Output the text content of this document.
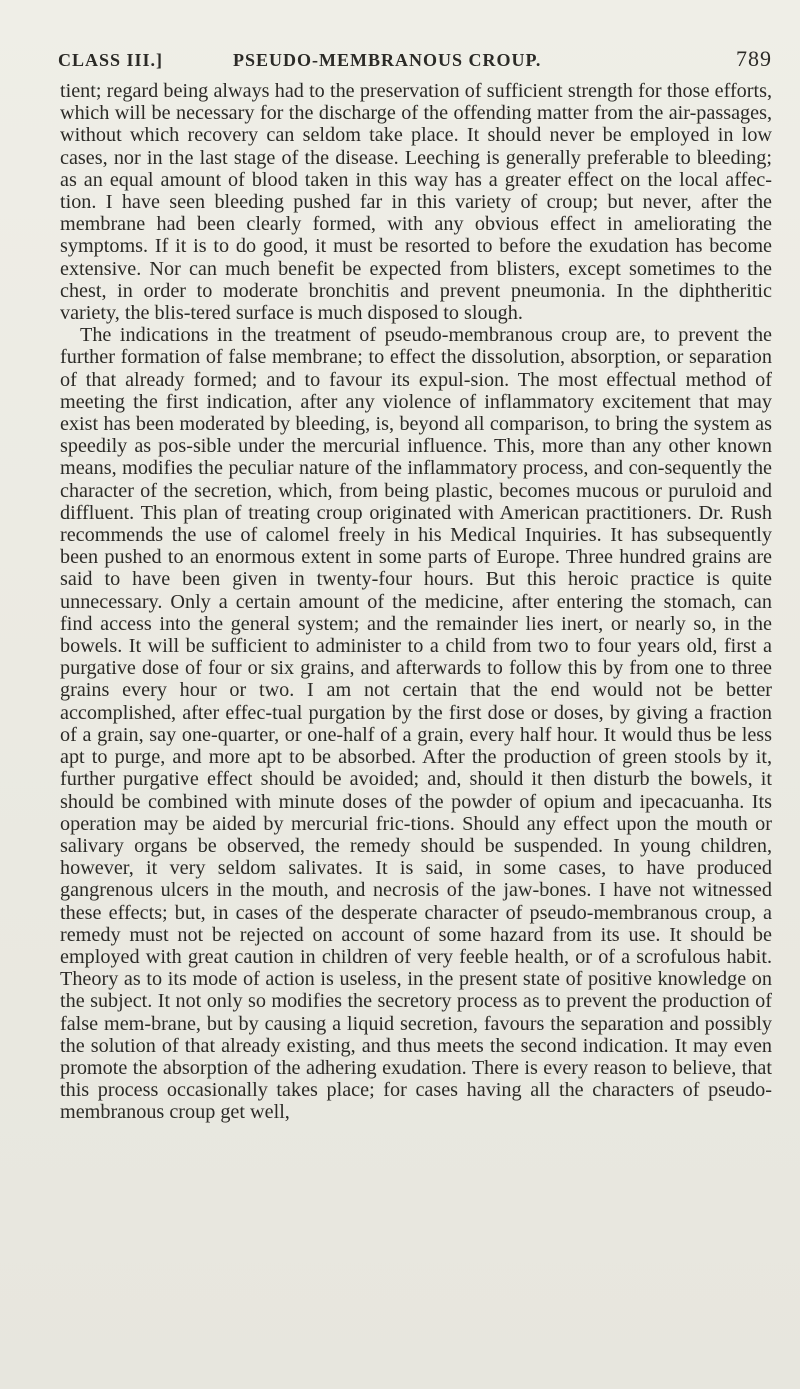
CLASS III.]	PSEUDO-MEMBRANOUS CROUP.	789

tient; regard being always had to the preservation of sufficient strength for those efforts, which will be necessary for the discharge of the offending matter from the air-passages, without which recovery can seldom take place. It should never be employed in low cases, nor in the last stage of the disease. Leeching is generally preferable to bleeding; as an equal amount of blood taken in this way has a greater effect on the local affec-tion. I have seen bleeding pushed far in this variety of croup; but never, after the membrane had been clearly formed, with any obvious effect in ameliorating the symptoms. If it is to do good, it must be resorted to before the exudation has become extensive. Nor can much benefit be expected from blisters, except sometimes to the chest, in order to moderate bronchitis and prevent pneumonia. In the diphtheritic variety, the blis-tered surface is much disposed to slough.

The indications in the treatment of pseudo-membranous croup are, to prevent the further formation of false membrane; to effect the dissolution, absorption, or separation of that already formed; and to favour its expul-sion. The most effectual method of meeting the first indication, after any violence of inflammatory excitement that may exist has been moderated by bleeding, is, beyond all comparison, to bring the system as speedily as pos-sible under the mercurial influence. This, more than any other known means, modifies the peculiar nature of the inflammatory process, and con-sequently the character of the secretion, which, from being plastic, becomes mucous or puruloid and diffluent. This plan of treating croup originated with American practitioners. Dr. Rush recommends the use of calomel freely in his Medical Inquiries. It has subsequently been pushed to an enormous extent in some parts of Europe. Three hundred grains are said to have been given in twenty-four hours. But this heroic practice is quite unnecessary. Only a certain amount of the medicine, after entering the stomach, can find access into the general system; and the remainder lies inert, or nearly so, in the bowels. It will be sufficient to administer to a child from two to four years old, first a purgative dose of four or six grains, and afterwards to follow this by from one to three grains every hour or two. I am not certain that the end would not be better accomplished, after effec-tual purgation by the first dose or doses, by giving a fraction of a grain, say one-quarter, or one-half of a grain, every half hour. It would thus be less apt to purge, and more apt to be absorbed. After the production of green stools by it, further purgative effect should be avoided; and, should it then disturb the bowels, it should be combined with minute doses of the powder of opium and ipecacuanha. Its operation may be aided by mercurial fric-tions. Should any effect upon the mouth or salivary organs be observed, the remedy should be suspended. In young children, however, it very seldom salivates. It is said, in some cases, to have produced gangrenous ulcers in the mouth, and necrosis of the jaw-bones. I have not witnessed these effects; but, in cases of the desperate character of pseudo-membranous croup, a remedy must not be rejected on account of some hazard from its use. It should be employed with great caution in children of very feeble health, or of a scrofulous habit. Theory as to its mode of action is useless, in the present state of positive knowledge on the subject. It not only so modifies the secretory process as to prevent the production of false mem-brane, but by causing a liquid secretion, favours the separation and possibly the solution of that already existing, and thus meets the second indication. It may even promote the absorption of the adhering exudation. There is every reason to believe, that this process occasionally takes place; for cases having all the characters of pseudo-membranous croup get well,
